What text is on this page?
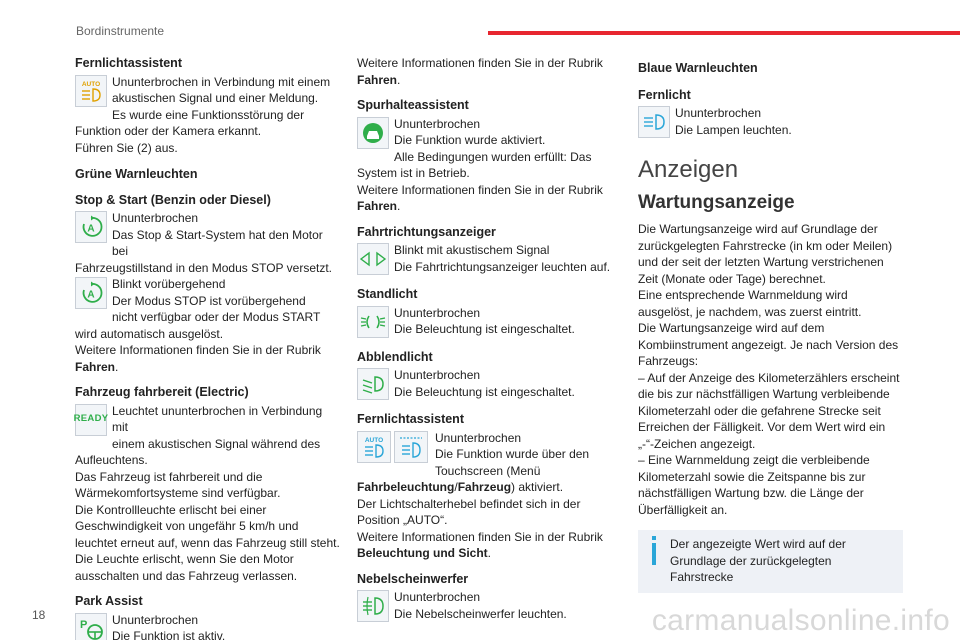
Bordinstrumente
Fernlichtassistent
AUTO Ununterbrochen in Verbindung mit einem
akustischen Signal und einer Meldung.
Es wurde eine Funktionsstörung der Funktion oder der Kamera erkannt.
Führen Sie (2) aus.
Grüne Warnleuchten
Stop & Start (Benzin oder Diesel)
A
Ununterbrochen
Das Stop & Start-System hat den Motor bei
Fahrzeugstillstand in den Modus STOP versetzt.
A
Blinkt vorübergehend
Der Modus STOP ist vorübergehend
nicht verfügbar oder der Modus START wird automatisch ausgelöst.
Weitere Informationen finden Sie in der Rubrik Fahren.
Fahrzeug fahrbereit (Electric)
READY
Leuchtet ununterbrochen in Verbindung mit
einem akustischen Signal während des
Aufleuchtens.
Das Fahrzeug ist fahrbereit und die Wärmekomfortsysteme sind verfügbar.
Die Kontrollleuchte erlischt bei einer Geschwindigkeit von ungefähr 5 km/h und leuchtet erneut auf, wenn das Fahrzeug still steht.
Die Leuchte erlischt, wenn Sie den Motor ausschalten und das Fahrzeug verlassen.
Park Assist
P	Ununterbrochen
Die Funktion ist aktiv.
Weitere Informationen finden Sie in der Rubrik Fahren.
Spurhalteassistent
Ununterbrochen
Die Funktion wurde aktiviert.
Alle Bedingungen wurden erfüllt: Das System ist in Betrieb.
Weitere Informationen finden Sie in der Rubrik Fahren.
Fahrtrichtungsanzeiger
Blinkt mit akustischem Signal
Die Fahrtrichtungsanzeiger leuchten auf.
Standlicht
Ununterbrochen
Die Beleuchtung ist eingeschaltet.
Abblendlicht
Ununterbrochen
Die Beleuchtung ist eingeschaltet.
Fernlichtassistent
AUTO	Ununterbrochen
Die Funktion wurde über den
Touchscreen (Menü Fahrbeleuchtung/Fahrzeug) aktiviert.
Der Lichtschalterhebel befindet sich in der Position „AUTO“.
Weitere Informationen finden Sie in der Rubrik Beleuchtung und Sicht.
Nebelscheinwerfer
Ununterbrochen
Die Nebelscheinwerfer leuchten.
Blaue Warnleuchten
Fernlicht
Ununterbrochen
Die Lampen leuchten.
Anzeigen
Wartungsanzeige

Die Wartungsanzeige wird auf Grundlage der zurückgelegten Fahrstrecke (in km oder Meilen) und der seit der letzten Wartung verstrichenen Zeit (Monate oder Tage) berechnet.

Eine entsprechende Warnmeldung wird ausgelöst, je nachdem, was zuerst eintritt.

Die Wartungsanzeige wird auf dem Kombiinstrument angezeigt. Je nach Version des Fahrzeugs:

– Auf der Anzeige des Kilometerzählers erscheint die bis zur nächstfälligen Wartung verbleibende Kilometerzahl oder die gefahrene Strecke seit Erreichen der Fälligkeit. Vor dem Wert wird ein „-“-Zeichen angezeigt.

– Eine Warnmeldung zeigt die verbleibende Kilometerzahl sowie die Zeitspanne bis zur nächstfälligen Wartung bzw. die Länge der Überfälligkeit an.

Der angezeigte Wert wird auf der Grundlage der zurückgelegten Fahrstrecke
18	carmanualsonline.info
